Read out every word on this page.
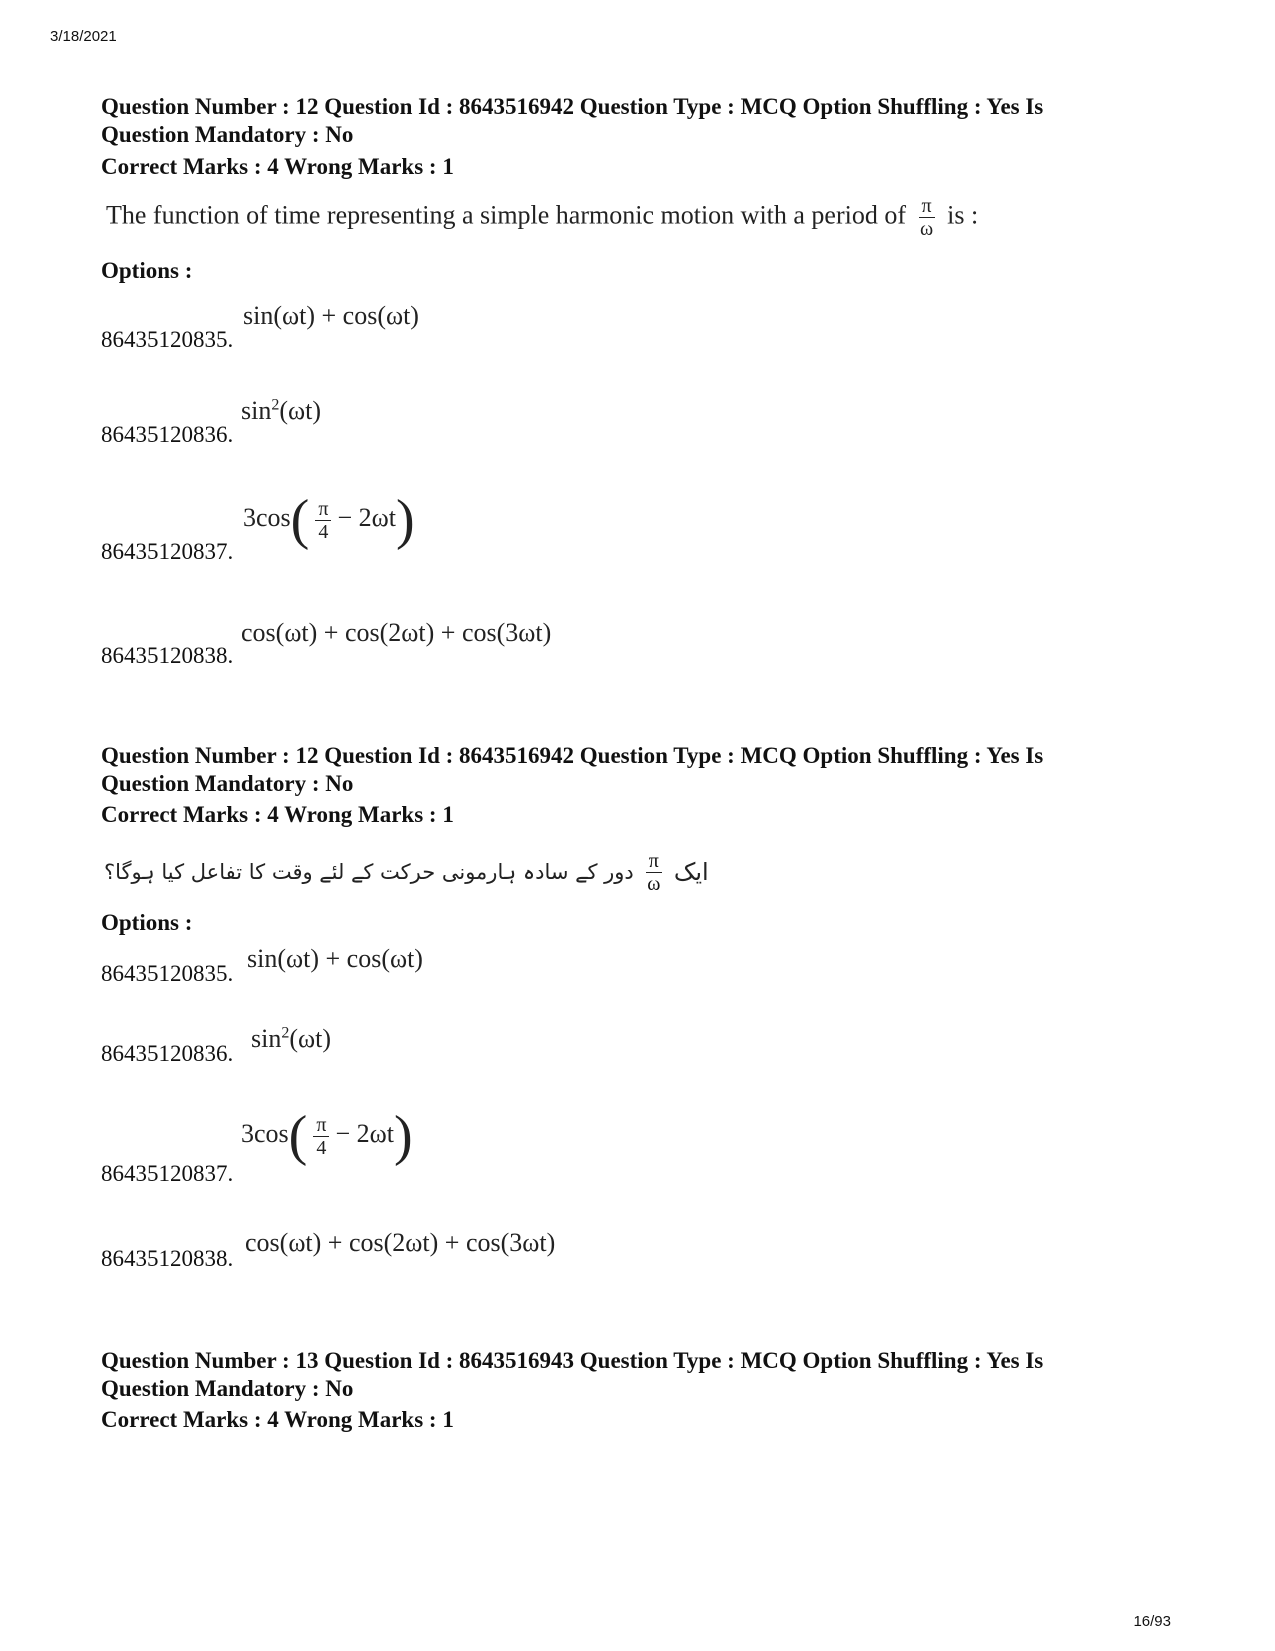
3/18/2021
Question Number : 12 Question Id : 8643516942 Question Type : MCQ Option Shuffling : Yes Is
Question Mandatory : No
Correct Marks : 4 Wrong Marks : 1
The function of time representing a simple harmonic motion with a period of $\frac{\pi}{\omega}$ is :
Options :
86435120835.
sin(ωt) + cos(ωt)
86435120836.
$\sin^2(\omega t)$
86435120837.
$3\cos( \frac{\pi}{4} - 2\omega t)$
86435120838.
cos(ωt) + cos(2ωt) + cos(3ωt)
Question Number : 12 Question Id : 8643516942 Question Type : MCQ Option Shuffling : Yes Is
Question Mandatory : No
Correct Marks : 4 Wrong Marks : 1
ایک
$\frac{\pi}{\omega}$
دور کے سادہ ہارمونی حرکت کے لئے وقت کا تفاعل کیا ہوگا؟
Options :
86435120835.
sin(ωt) + cos(ωt)
86435120836.
$\sin^2(\omega t)$
86435120837.
$3\cos( \frac{\pi}{4} - 2\omega t)$
86435120838.
cos(ωt) + cos(2ωt) + cos(3ωt)
Question Number : 13 Question Id : 8643516943 Question Type : MCQ Option Shuffling : Yes Is
Question Mandatory : No
Correct Marks : 4 Wrong Marks : 1
16/93
